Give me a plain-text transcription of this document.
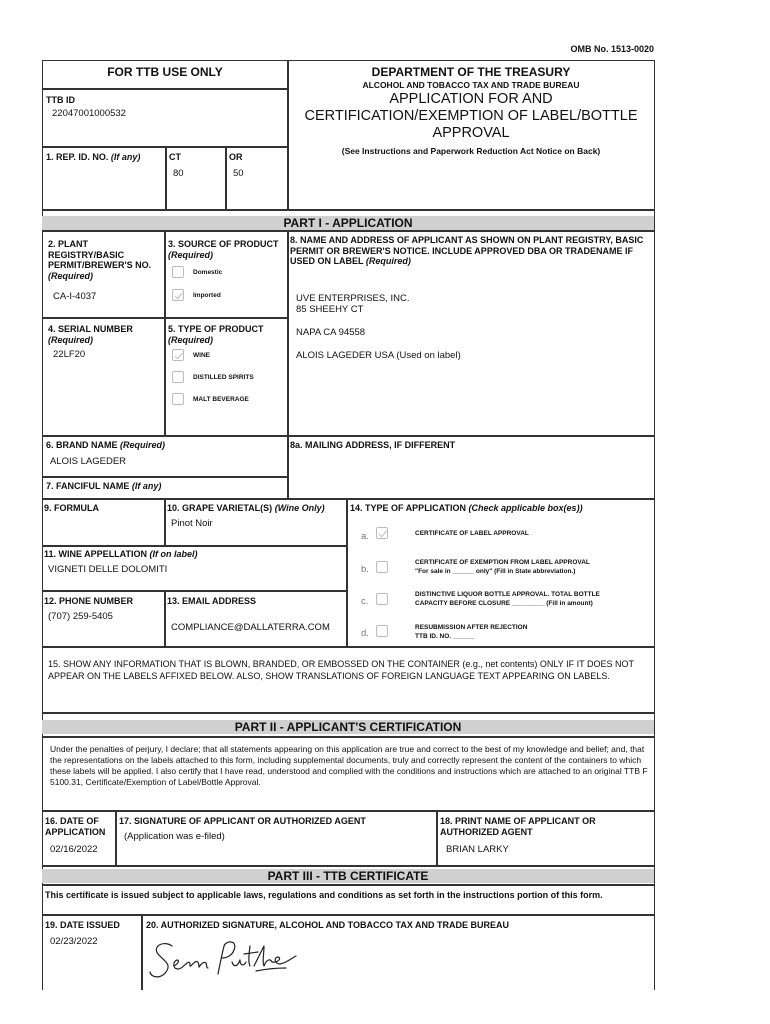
OMB No. 1513-0020
FOR TTB USE ONLY
TTB ID
22047001000532
1. REP. ID. NO. (If any)	CT
80
OR
50
DEPARTMENT OF THE TREASURY
ALCOHOL AND TOBACCO TAX AND TRADE BUREAU
APPLICATION FOR AND
CERTIFICATION/EXEMPTION OF LABEL/BOTTLE
APPROVAL
(See Instructions and Paperwork Reduction Act Notice on Back)
PART I - APPLICATION
2. PLANT REGISTRY/BASIC PERMIT/BREWER'S NO. (Required)
CA-I-4037
3. SOURCE OF PRODUCT (Required)
Domestic
Imported
8. NAME AND ADDRESS OF APPLICANT AS SHOWN ON PLANT REGISTRY, BASIC PERMIT OR BREWER'S NOTICE. INCLUDE APPROVED DBA OR TRADENAME IF USED ON LABEL (Required)
UVE ENTERPRISES, INC.
85 SHEEHY CT
NAPA CA 94558
ALOIS LAGEDER USA (Used on label)
4. SERIAL NUMBER
(Required)
22LF20
5. TYPE OF PRODUCT
(Required)
WINE
DISTILLED SPIRITS
MALT BEVERAGE
6. BRAND NAME (Required)
ALOIS LAGEDER
8a. MAILING ADDRESS, IF DIFFERENT
7. FANCIFUL NAME (If any)
9. FORMULA	10. GRAPE VARIETAL(S) (Wine Only)
Pinot Noir
14. TYPE OF APPLICATION (Check applicable box(es))
a.	CERTIFICATE OF LABEL APPROVAL
b.
CERTIFICATE OF EXEMPTION FROM LABEL APPROVAL
"For sale in ______ only" (Fill in State abbreviation.)
c.
DISTINCTIVE LIQUOR BOTTLE APPROVAL. TOTAL BOTTLE
CAPACITY BEFORE CLOSURE _________ (Fill in amount)
d.
RESUBMISSION AFTER REJECTION
TTB ID. NO. ______
11. WINE APPELLATION (If on label)
VIGNETI DELLE DOLOMITI
12. PHONE NUMBER
(707) 259-5405
13. EMAIL ADDRESS
COMPLIANCE@DALLATERRA.COM
15. SHOW ANY INFORMATION THAT IS BLOWN, BRANDED, OR EMBOSSED ON THE CONTAINER (e.g., net contents) ONLY IF IT DOES NOT APPEAR ON THE LABELS AFFIXED BELOW. ALSO, SHOW TRANSLATIONS OF FOREIGN LANGUAGE TEXT APPEARING ON LABELS.
PART II - APPLICANT'S CERTIFICATION
Under the penalties of perjury, I declare; that all statements appearing on this application are true and correct to the best of my knowledge and belief; and, that the representations on the labels attached to this form, including supplemental documents, truly and correctly represent the content of the containers to which these labels will be applied. I also certify that I have read, understood and complied with the conditions and instructions which are attached to an original TTB F 5100.31, Certificate/Exemption of Label/Bottle Approval.
16. DATE OF
APPLICATION
02/16/2022
17. SIGNATURE OF APPLICANT OR AUTHORIZED AGENT
(Application was e-filed)
18. PRINT NAME OF APPLICANT OR
AUTHORIZED AGENT
BRIAN LARKY
PART III - TTB CERTIFICATE
This certificate is issued subject to applicable laws, regulations and conditions as set forth in the instructions portion of this form.
19. DATE ISSUED
02/23/2022
20. AUTHORIZED SIGNATURE, ALCOHOL AND TOBACCO TAX AND TRADE BUREAU
